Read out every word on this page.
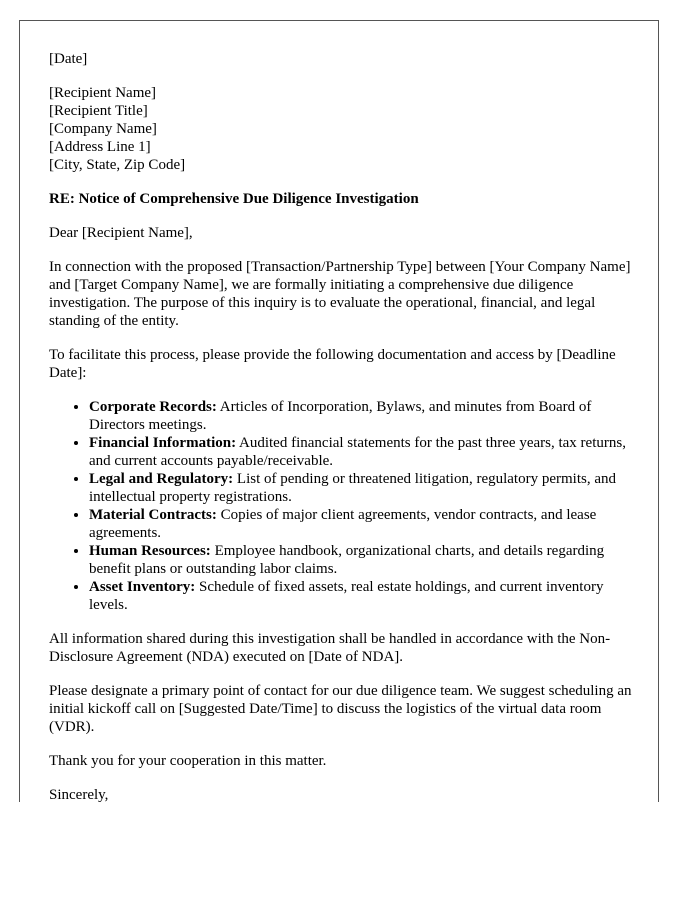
[Date]

[Recipient Name]
[Recipient Title]
[Company Name]
[Address Line 1]
[City, State, Zip Code]

RE: Notice of Comprehensive Due Diligence Investigation

Dear [Recipient Name],

In connection with the proposed [Transaction/Partnership Type] between [Your Company Name] and [Target Company Name], we are formally initiating a comprehensive due diligence investigation. The purpose of this inquiry is to evaluate the operational, financial, and legal standing of the entity.

To facilitate this process, please provide the following documentation and access by [Deadline Date]:

• Corporate Records: Articles of Incorporation, Bylaws, and minutes from Board of Directors meetings.
• Financial Information: Audited financial statements for the past three years, tax returns, and current accounts payable/receivable.
• Legal and Regulatory: List of pending or threatened litigation, regulatory permits, and intellectual property registrations.
• Material Contracts: Copies of major client agreements, vendor contracts, and lease agreements.
• Human Resources: Employee handbook, organizational charts, and details regarding benefit plans or outstanding labor claims.
• Asset Inventory: Schedule of fixed assets, real estate holdings, and current inventory levels.

All information shared during this investigation shall be handled in accordance with the Non-Disclosure Agreement (NDA) executed on [Date of NDA].

Please designate a primary point of contact for our due diligence team. We suggest scheduling an initial kickoff call on [Suggested Date/Time] to discuss the logistics of the virtual data room (VDR).

Thank you for your cooperation in this matter.

Sincerely,
